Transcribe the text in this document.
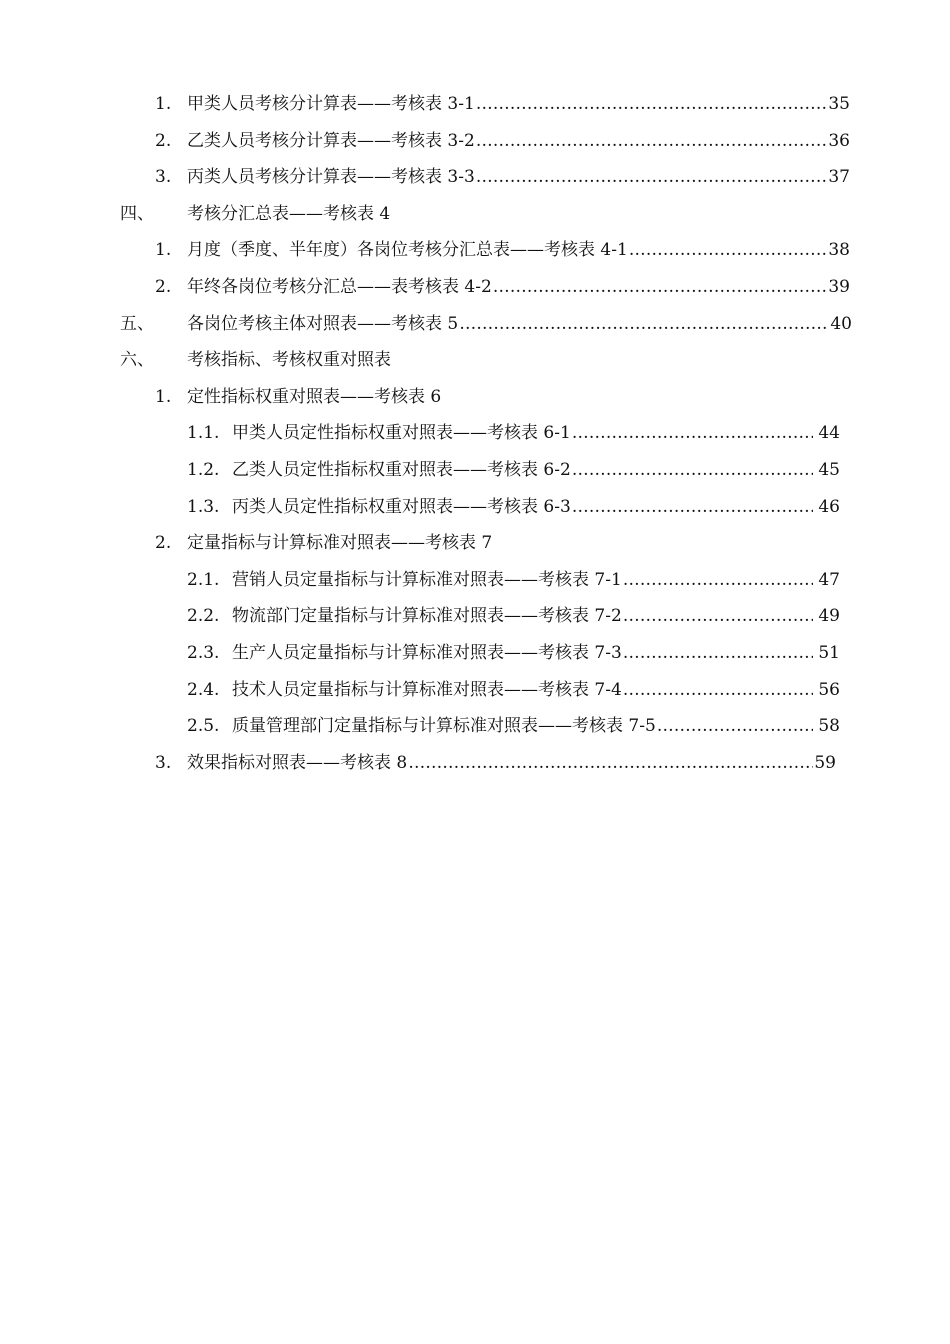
1. 甲类人员考核分计算表——考核表 3-1 …………………………………………………………………………………………………………………………………………………………	35
2. 乙类人员考核分计算表——考核表 3-2 …………………………………………………………………………………………………………………………………………………………	36
3. 丙类人员考核分计算表——考核表 3-3 …………………………………………………………………………………………………………………………………………………………	37
四、 考核分汇总表——考核表 4
1. 月度（季度、半年度）各岗位考核分汇总表——考核表 4-1 …………………………………………………………………………………………………………………………………………………………	38
2. 年终各岗位考核分汇总——表考核表 4-2 …………………………………………………………………………………………………………………………………………………………	39
五、 各岗位考核主体对照表——考核表 5 …………………………………………………………………………………………………………………………………………………………	40
六、 考核指标、考核权重对照表
1. 定性指标权重对照表——考核表 6
1.1. 甲类人员定性指标权重对照表——考核表 6-1 …………………………………………………………………………………………………………………………………………………………	44
1.2. 乙类人员定性指标权重对照表——考核表 6-2 …………………………………………………………………………………………………………………………………………………………	45
1.3. 丙类人员定性指标权重对照表——考核表 6-3 …………………………………………………………………………………………………………………………………………………………	46
2. 定量指标与计算标准对照表——考核表 7
2.1. 营销人员定量指标与计算标准对照表——考核表 7-1 …………………………………………………………………………………………………………………………………………………………	47
2.2. 物流部门定量指标与计算标准对照表——考核表 7-2 …………………………………………………………………………………………………………………………………………………………	49
2.3. 生产人员定量指标与计算标准对照表——考核表 7-3 …………………………………………………………………………………………………………………………………………………………	51
2.4. 技术人员定量指标与计算标准对照表——考核表 7-4 …………………………………………………………………………………………………………………………………………………………	56
2.5. 质量管理部门定量指标与计算标准对照表——考核表 7-5 …………………………………………………………………………………………………………………………………………………………	58
3. 效果指标对照表——考核表 8 …………………………………………………………………………………………………………………………………………………………	59
